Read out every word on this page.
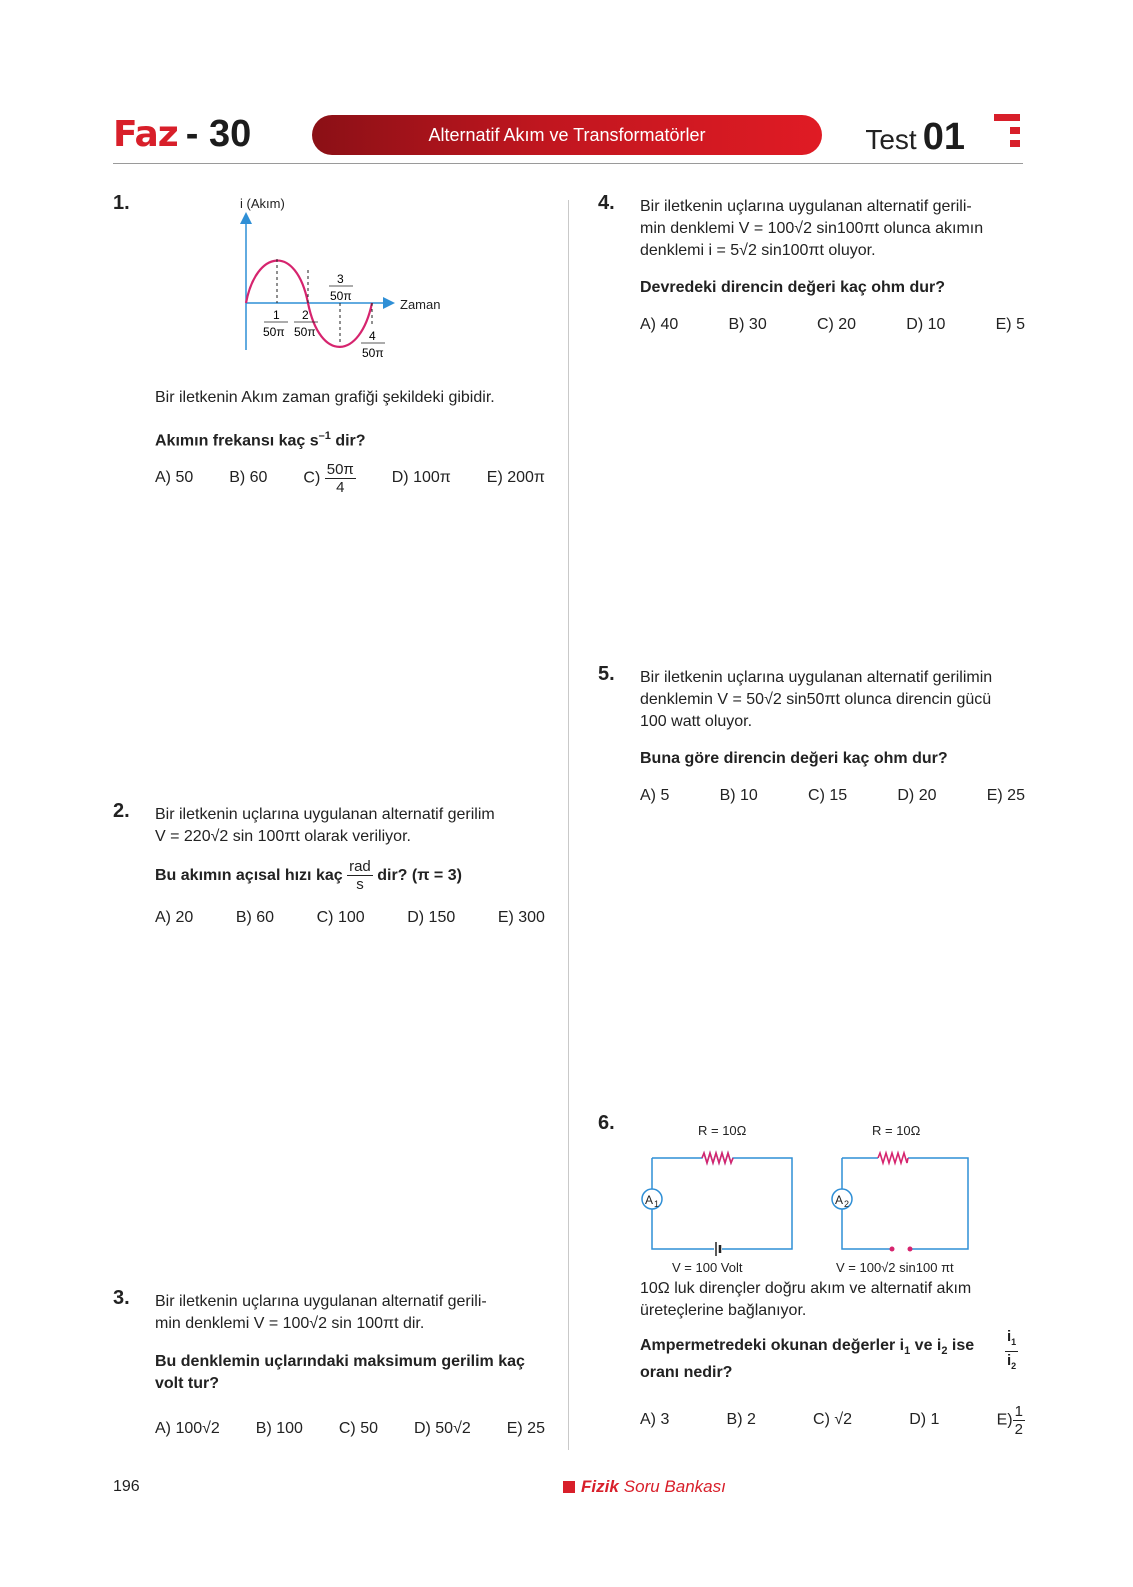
Faz - 30	Alternatif Akım ve Transformatörler	Test 01
1.	i (Akım)
Zaman
1
50π
2
50π
3
50π
4
50π
Bir iletkenin Akım zaman grafiği şekildeki gibidir.
Akımın frekansı kaç $s^{-1}$ dir?
A) 50 B) 60 $C) \frac{50\pi}{4} D$) 100π E) 200π
2. Bir iletkenin uçlarına uygulanan alternatif gerilim
V = 220√2 sin 100πt olarak veriliyor.
Bu akımın açısal hızı kaç
$\frac{\text{rad}}{s}$
dir? (π = 3)
A) 20	B) 60	C) 100	D) 150	E) 300
3. Bir iletkenin uçlarına uygulanan alternatif gerili-
min denklemi V = 100√2 sin 100πt dir.
Bu denklemin uçlarındaki maksimum gerilim kaç
volt tur?
A) 100√2 B) 100 C) 50 D) 50√2 E) 25
4. Bir iletkenin uçlarına uygulanan alternatif gerili-
min denklemi V = 100√2 sin100πt olunca akımın
denklemi i = 5√2 sin100πt oluyor.
Devredeki direncin değeri kaç ohm dur?
A) 40	B) 30	C) 20	D) 10	E) 5
5. Bir iletkenin uçlarına uygulanan alternatif gerilimin
denklemin V = 50√2 sin50πt olunca direncin gücü
100 watt oluyor.
Buna göre direncin değeri kaç ohm dur?
A) 5	B) 10	C) 15	D) 20	E) 25
6.	R = 10Ω
A 1
V = 100 Volt
R = 10Ω
A 2
V = 100√2 sin100 πt
10Ω luk dirençler doğru akım ve alternatif akım
üreteçlerine bağlanıyor.
Ampermetredeki okunan değerler $i_1$ ve $i_2$ ise
oranı nedir?	$\frac{i_1}{i_2}$
A) 3	B) 2	C) √2	D) 1	$E) \frac{1}{2}$
196	Fizik Soru Bankası
